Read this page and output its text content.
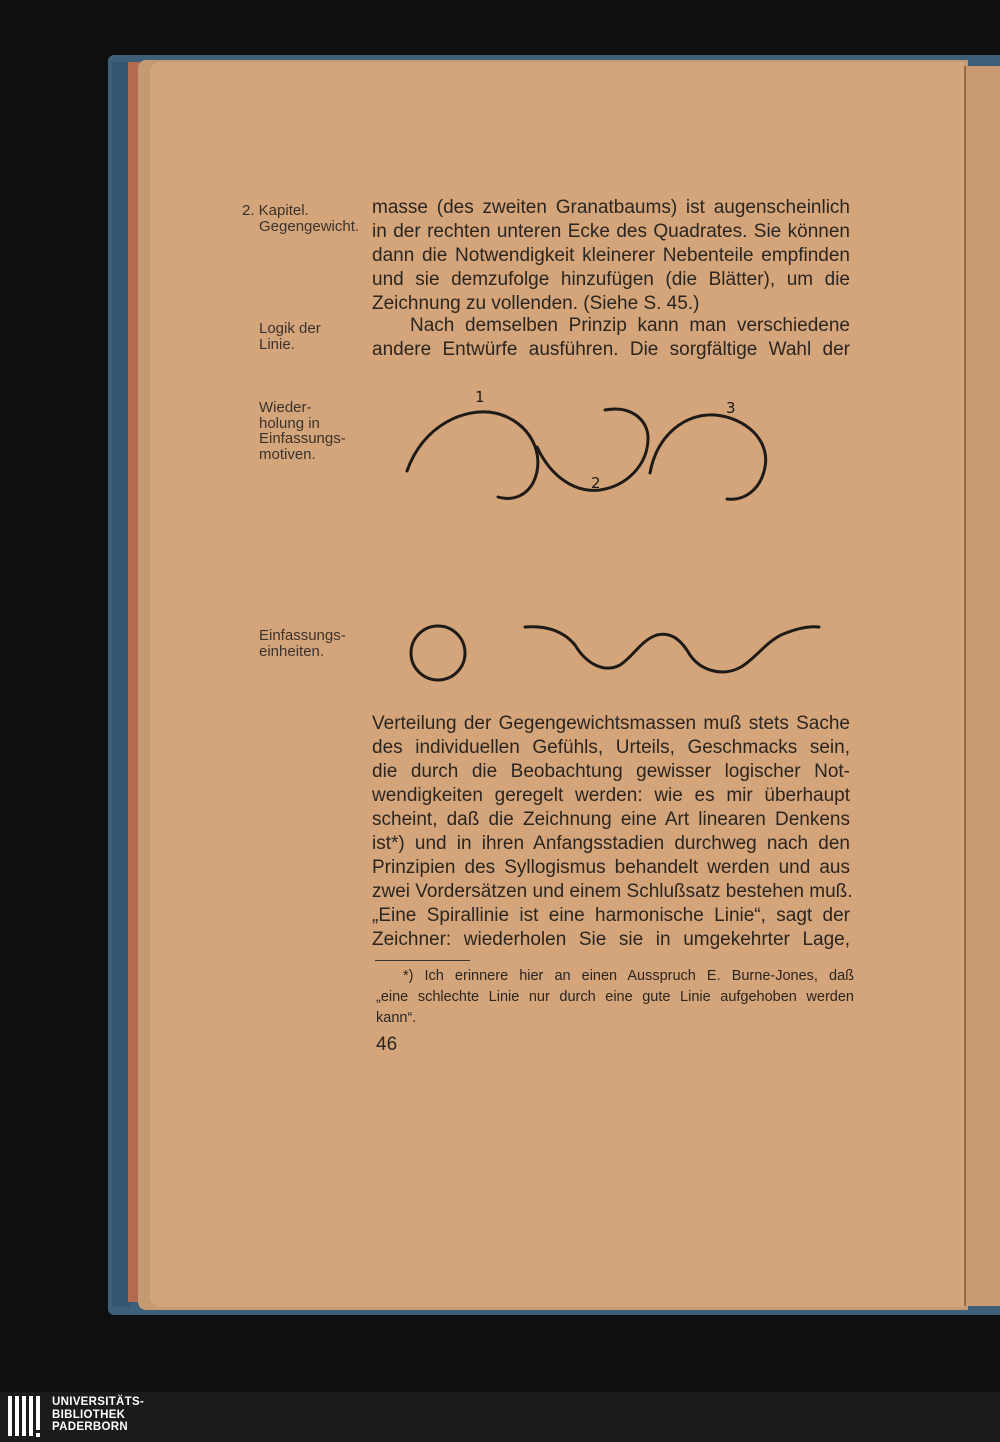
2. Kapitel.
Gegengewicht.
Logik der
Linie.
Wieder-
holung in
Einfassungs-
motiven.
Einfassungs-
einheiten.
masse (des zweiten Granatbaums) ist augenscheinlich
in der rechten unteren Ecke des Quadrates. Sie können
dann die Notwendigkeit kleinerer Nebenteile empfinden
und sie demzufolge hinzufügen (die Blätter), um die
Zeichnung zu vollenden. (Siehe S. 45.)
Nach demselben Prinzip kann man verschiedene
andere Entwürfe ausführen. Die sorgfältige Wahl der
1
2
3
Verteilung der Gegengewichtsmassen muß stets Sache
des individuellen Gefühls, Urteils, Geschmacks sein,
die durch die Beobachtung gewisser logischer Not-
wendigkeiten geregelt werden: wie es mir überhaupt
scheint, daß die Zeichnung eine Art linearen Denkens
ist*) und in ihren Anfangsstadien durchweg nach den
Prinzipien des Syllogismus behandelt werden und aus
zwei Vordersätzen und einem Schlußsatz bestehen muß.
„Eine Spirallinie ist eine harmonische Linie“, sagt der
Zeichner: wiederholen Sie sie in umgekehrter Lage,
*) Ich erinnere hier an einen Ausspruch E. Burne-Jones, daß
„eine schlechte Linie nur durch eine gute Linie aufgehoben werden
kann“.
46
UNIVERSITÄTS-
BIBLIOTHEK
PADERBORN
